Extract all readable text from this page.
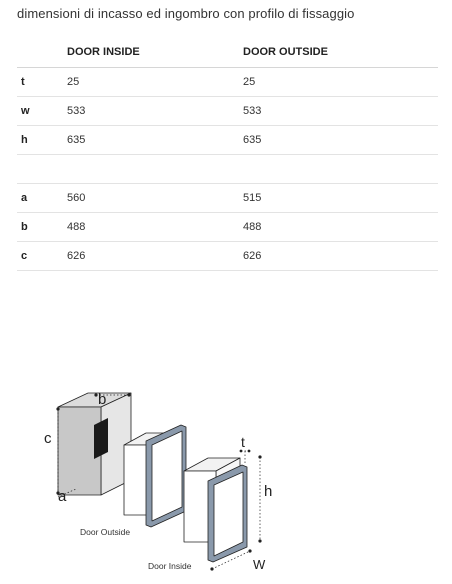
dimensioni di incasso ed ingombro con profilo di fissaggio
	DOOR INSIDE	DOOR OUTSIDE
t	25	25
w	533	533
h	635	635

a	560	515
b	488	488
c	626	626
b
c
a
Door Outside
t
h
W
Door Inside
